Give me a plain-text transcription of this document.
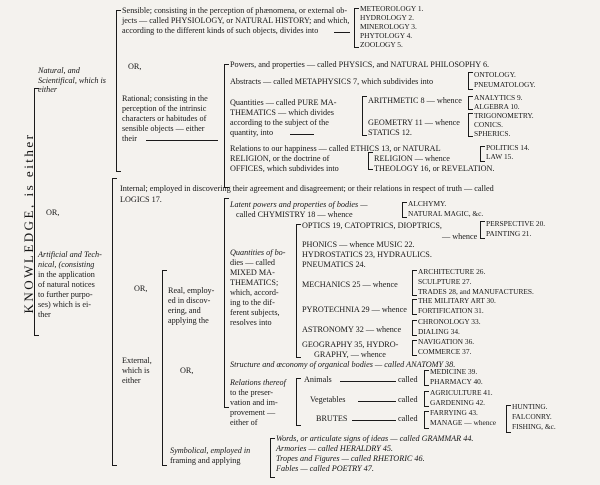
KNOWLEDGE, is either OR,
Natural, and Scientifical, which is either
Sensible; consisting in the perception of phænomena, or external ob-
jects — called PHYSIOLOGY, or NATURAL HISTORY; and which,
according to the different kinds of such objects, divides into
METEOROLOGY 1.
HYDROLOGY 2.
MINEROLOGY 3.
PHYTOLOGY 4.
ZOOLOGY 5.
OR,
Rational; consisting in the
perception of the intrinsic
characters or habitudes of
sensible objects — either
their
Powers, and properties — called PHYSICS, and NATURAL PHILOSOPHY 6.
Abstracts — called METAPHYSICS 7, which subdivides into
ONTOLOGY.
PNEUMATOLOGY.
Quantities — called PURE MA-
THEMATICS — which divides
according to the subject of the
quantity, into
ARITHMETIC 8 — whence ANALYTICS 9.
ALGEBRA 10.
GEOMETRY 11 — whence
STATICS 12.
TRIGONOMETRY.
CONICS.
SPHERICS.
Relations to our happiness — called ETHICS 13, or NATURAL
RELIGION, or the doctrine of
OFFICES, which subdivides into
RELIGION — whence
THEOLOGY 16, or REVELATION.
POLITICS 14.
LAW 15.
Artificial and Tech-
nical, (consisting
in the application
of natural notices
to further purpo-
ses) which is ei-
ther
Internal; employed in discovering their agreement and disagreement; or their relations in respect of truth — called
LOGICS 17.
OR,
External,
which is
either
OR,
Real, employ-
ed in discov-
ering, and
applying the
Latent powers and properties of bodies —
called CHYMISTRY 18 — whence
ALCHYMY.
NATURAL MAGIC, &c.
Quantities of bo-
dies — called
MIXED MA-
THEMATICS;
which, accord-
ing to the dif-
ferent subjects,
resolves into
OPTICS 19, CATOPTRICS, DIOPTRICS,
— whence
PERSPECTIVE 20.
PAINTING 21.
PHONICS — whence MUSIC 22.
HYDROSTATICS 23, HYDRAULICS.
PNEUMATICS 24.
MECHANICS 25 — whence
ARCHITECTURE 26.
SCULPTURE 27.
TRADES 28, and MANUFACTURES.
PYROTECHNIA 29 — whence
THE MILITARY ART 30.
FORTIFICATION 31.
ASTRONOMY 32 — whence
CHRONOLOGY 33.
DIALING 34.
GEOGRAPHY 35, HYDRO-
GRAPHY, — whence
NAVIGATION 36.
COMMERCE 37.
Structure and œconomy of organical bodies — called ANATOMY 38.
Relations thereof
to the preser-
vation and im-
provement —
either of
Animals	called
MEDICINE 39.
PHARMACY 40.
Vegetables	called
AGRICULTURE 41.
GARDENING 42.
BRUTES	called
FARRYING 43.
MANAGE — whence
HUNTING.
FALCONRY.
FISHING, &c.
Symbolical, employed in
framing and applying
Words, or articulate signs of ideas — called GRAMMAR 44.
Armories — called HERALDRY 45.
Tropes and Figures — called RHETORIC 46.
Fables — called POETRY 47.
